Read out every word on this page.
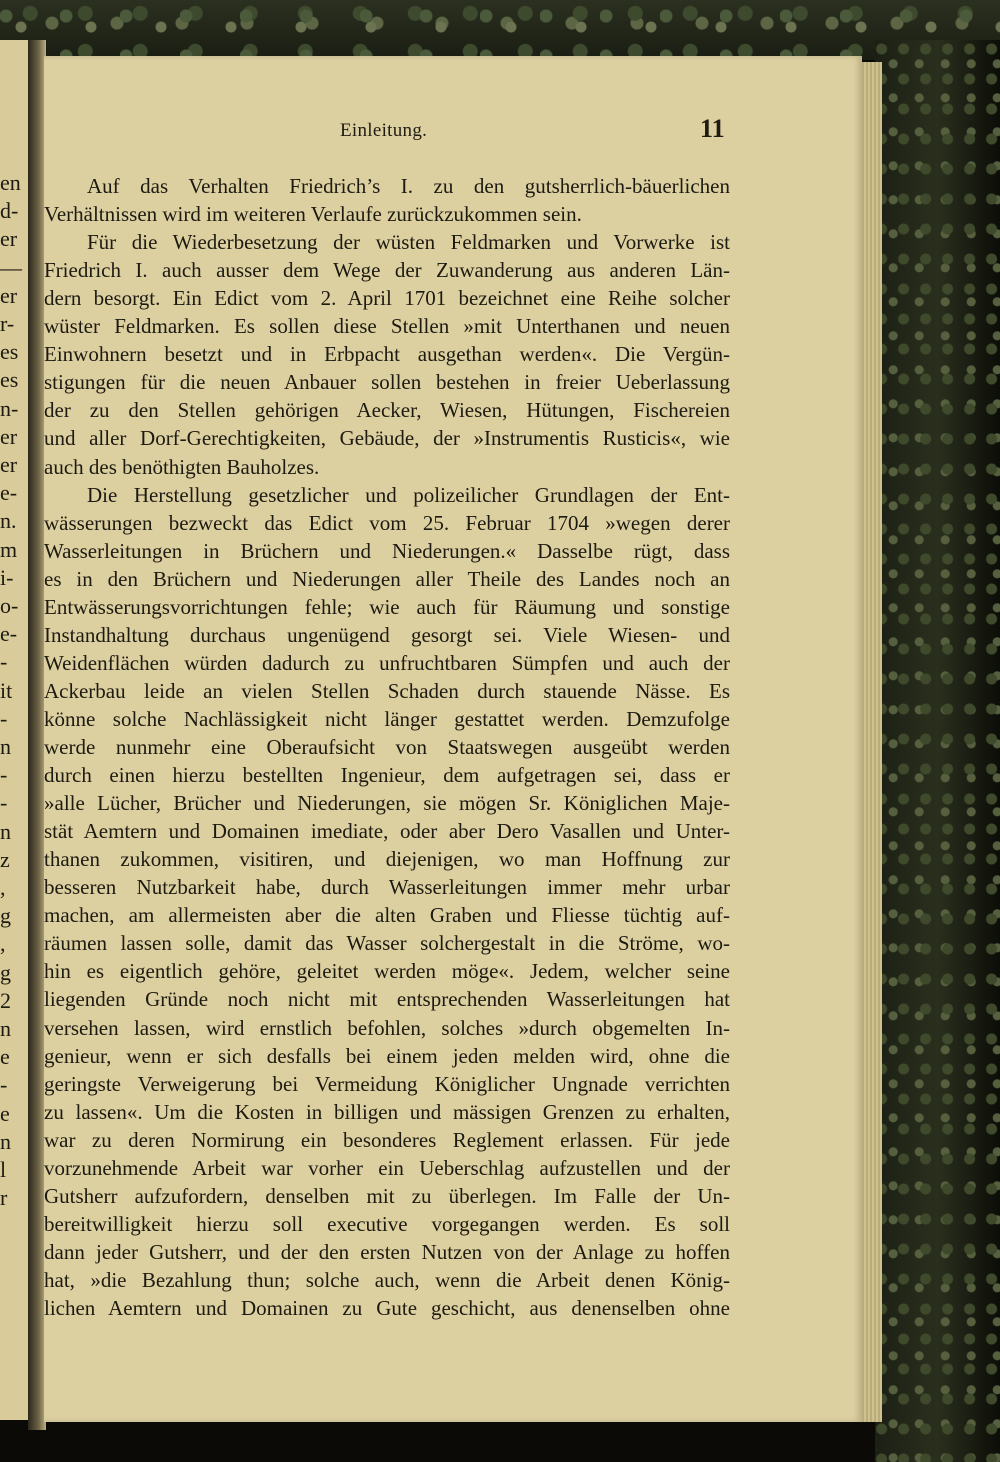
en
d-
er
—
er
r-
es
es
n-
er
er
e-
n.
m
i-
o-
e-
-
it
-
n
-
-
n
z
,
g
,
g
2
n
e
-
e
n
l
r
Einleitung.	11
Auf das Verhalten Friedrich’s I. zu den gutsherrlich-bäuerlichen
Verhältnissen wird im weiteren Verlaufe zurückzukommen sein.
Für die Wiederbesetzung der wüsten Feldmarken und Vorwerke ist
Friedrich I. auch ausser dem Wege der Zuwanderung aus anderen Län-
dern besorgt. Ein Edict vom 2. April 1701 bezeichnet eine Reihe solcher
wüster Feldmarken. Es sollen diese Stellen »mit Unterthanen und neuen
Einwohnern besetzt und in Erbpacht ausgethan werden«. Die Vergün-
stigungen für die neuen Anbauer sollen bestehen in freier Ueberlassung
der zu den Stellen gehörigen Aecker, Wiesen, Hütungen, Fischereien
und aller Dorf-Gerechtigkeiten, Gebäude, der »Instrumentis Rusticis«, wie
auch des benöthigten Bauholzes.
Die Herstellung gesetzlicher und polizeilicher Grundlagen der Ent-
wässerungen bezweckt das Edict vom 25. Februar 1704 »wegen derer
Wasserleitungen in Brüchern und Niederungen.« Dasselbe rügt, dass
es in den Brüchern und Niederungen aller Theile des Landes noch an
Entwässerungsvorrichtungen fehle; wie auch für Räumung und sonstige
Instandhaltung durchaus ungenügend gesorgt sei. Viele Wiesen- und
Weidenflächen würden dadurch zu unfruchtbaren Sümpfen und auch der
Ackerbau leide an vielen Stellen Schaden durch stauende Nässe. Es
könne solche Nachlässigkeit nicht länger gestattet werden. Demzufolge
werde nunmehr eine Oberaufsicht von Staatswegen ausgeübt werden
durch einen hierzu bestellten Ingenieur, dem aufgetragen sei, dass er
»alle Lücher, Brücher und Niederungen, sie mögen Sr. Königlichen Maje-
stät Aemtern und Domainen imediate, oder aber Dero Vasallen und Unter-
thanen zukommen, visitiren, und diejenigen, wo man Hoffnung zur
besseren Nutzbarkeit habe, durch Wasserleitungen immer mehr urbar
machen, am allermeisten aber die alten Graben und Fliesse tüchtig auf-
räumen lassen solle, damit das Wasser solchergestalt in die Ströme, wo-
hin es eigentlich gehöre, geleitet werden möge«. Jedem, welcher seine
liegenden Gründe noch nicht mit entsprechenden Wasserleitungen hat
versehen lassen, wird ernstlich befohlen, solches »durch obgemelten In-
genieur, wenn er sich desfalls bei einem jeden melden wird, ohne die
geringste Verweigerung bei Vermeidung Königlicher Ungnade verrichten
zu lassen«. Um die Kosten in billigen und mässigen Grenzen zu erhalten,
war zu deren Normirung ein besonderes Reglement erlassen. Für jede
vorzunehmende Arbeit war vorher ein Ueberschlag aufzustellen und der
Gutsherr aufzufordern, denselben mit zu überlegen. Im Falle der Un-
bereitwilligkeit hierzu soll executive vorgegangen werden. Es soll
dann jeder Gutsherr, und der den ersten Nutzen von der Anlage zu hoffen
hat, »die Bezahlung thun; solche auch, wenn die Arbeit denen König-
lichen Aemtern und Domainen zu Gute geschicht, aus denenselben ohne
